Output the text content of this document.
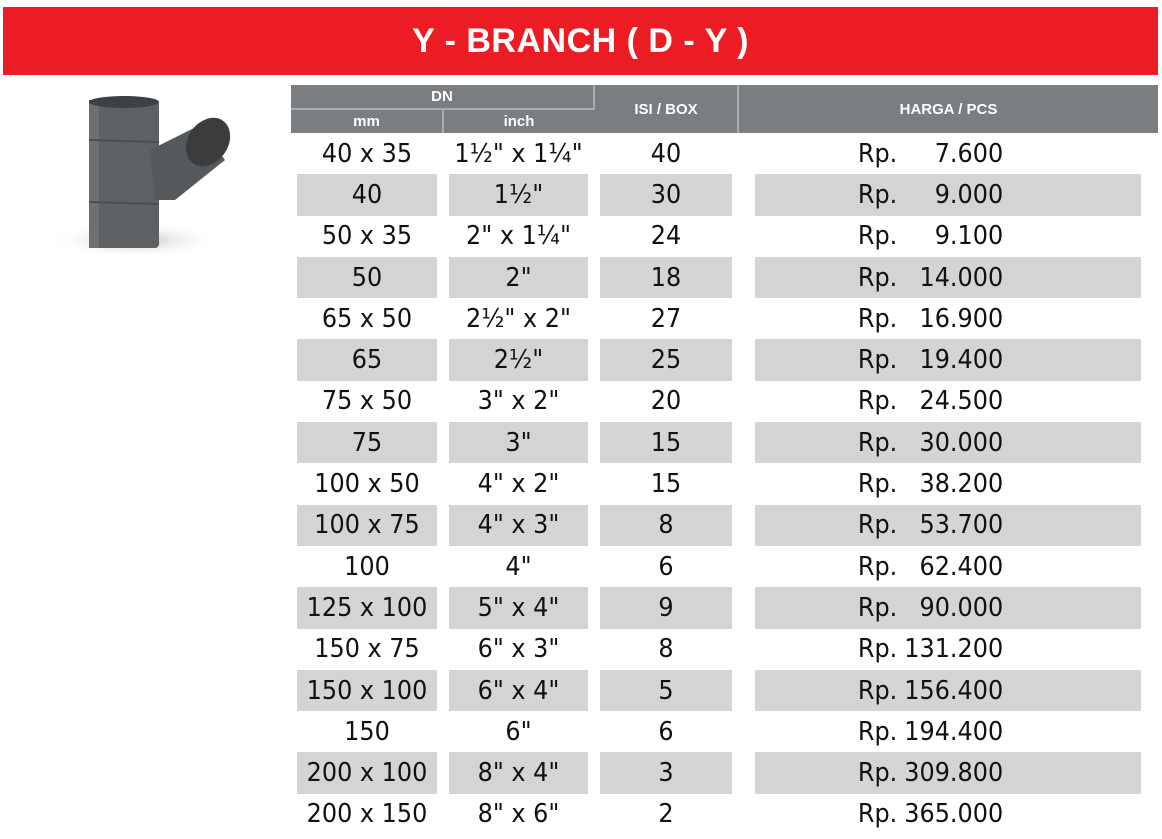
Y - BRANCH ( D - Y )
DN		ISI / BOX	HARGA / PCS
mm	inch		
40 x 35	1½" x 1¼"	40	Rp. 7.600

40	1½"	30	Rp. 9.000

50 x 35	2" x 1¼"	24	Rp. 9.100

50	2"	18	Rp. 14.000

65 x 50	2½" x 2"	27	Rp. 16.900

65	2½"	25	Rp. 19.400

75 x 50	3" x 2"	20	Rp. 24.500

75	3"	15	Rp. 30.000

100 x 50	4" x 2"	15	Rp. 38.200

100 x 75	4" x 3"	8	Rp. 53.700

100	4"	6	Rp. 62.400

125 x 100	5" x 4"	9	Rp. 90.000

150 x 75	6" x 3"	8	Rp. 131.200

150 x 100	6" x 4"	5	Rp. 156.400

150	6"	6	Rp. 194.400

200 x 100	8" x 4"	3	Rp. 309.800

200 x 150	8" x 6"	2	Rp. 365.000
